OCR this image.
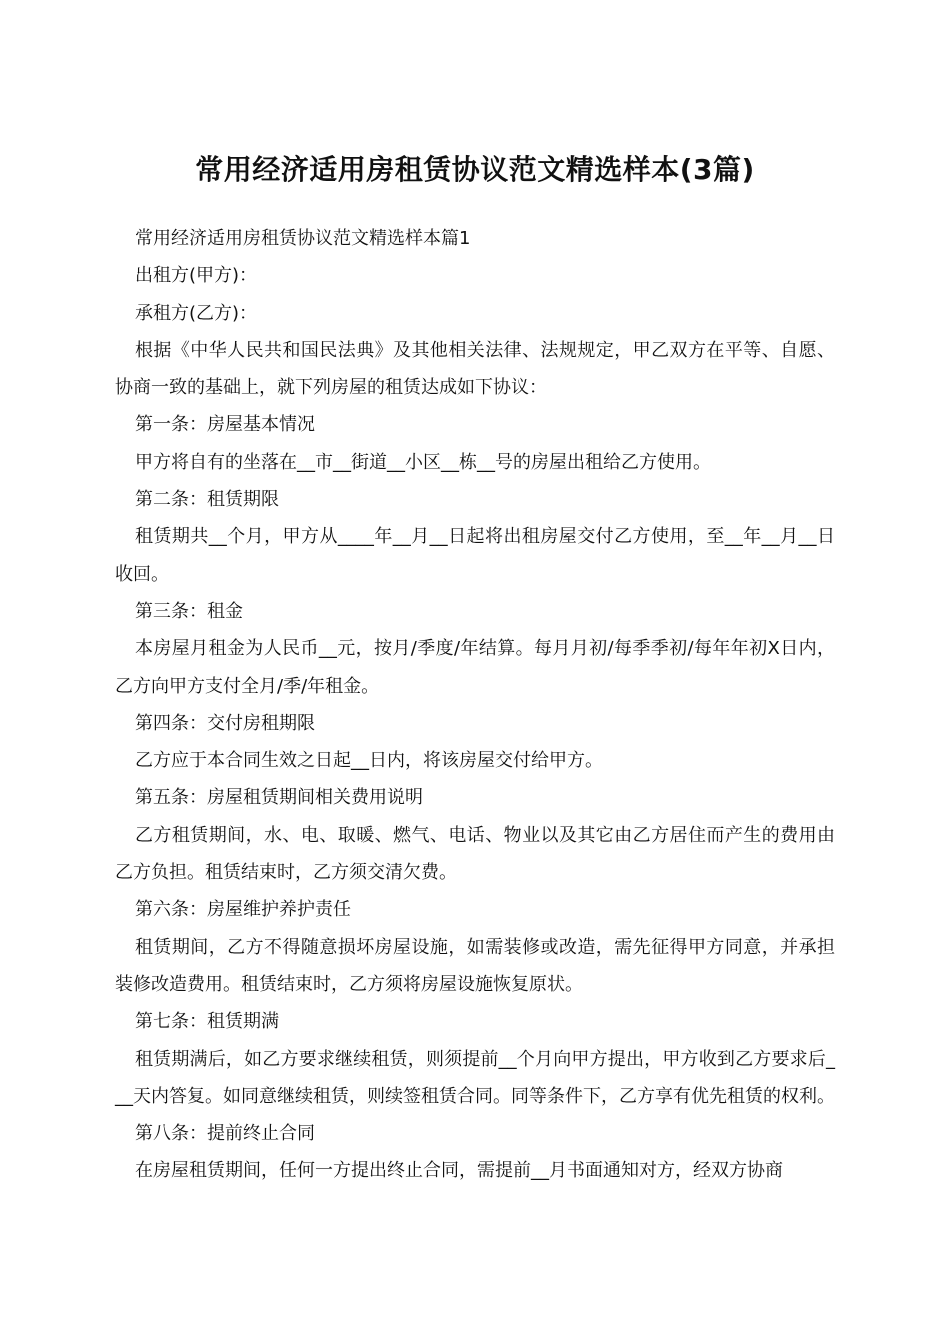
常用经济适用房租赁协议范文精选样本(3篇)

常用经济适用房租赁协议范文精选样本篇1

出租方(甲方)：

承租方(乙方)：

根据《中华人民共和国民法典》及其他相关法律、法规规定，甲乙双方在平等、自愿、协商一致的基础上，就下列房屋的租赁达成如下协议：

第一条：房屋基本情况

甲方将自有的坐落在__市__街道__小区__栋__号的房屋出租给乙方使用。

第二条：租赁期限

租赁期共__个月，甲方从____年__月__日起将出租房屋交付乙方使用，至__年__月__日收回。

第三条：租金

本房屋月租金为人民币__元，按月/季度/年结算。每月月初/每季季初/每年年初X日内，乙方向甲方支付全月/季/年租金。

第四条：交付房租期限

乙方应于本合同生效之日起__日内，将该房屋交付给甲方。

第五条：房屋租赁期间相关费用说明

乙方租赁期间，水、电、取暖、燃气、电话、物业以及其它由乙方居住而产生的费用由乙方负担。租赁结束时，乙方须交清欠费。

第六条：房屋维护养护责任

租赁期间，乙方不得随意损坏房屋设施，如需装修或改造，需先征得甲方同意，并承担装修改造费用。租赁结束时，乙方须将房屋设施恢复原状。

第七条：租赁期满

租赁期满后，如乙方要求继续租赁，则须提前__个月向甲方提出，甲方收到乙方要求后___天内答复。如同意继续租赁，则续签租赁合同。同等条件下，乙方享有优先租赁的权利。

第八条：提前终止合同

在房屋租赁期间，任何一方提出终止合同，需提前__月书面通知对方，经双方协商
